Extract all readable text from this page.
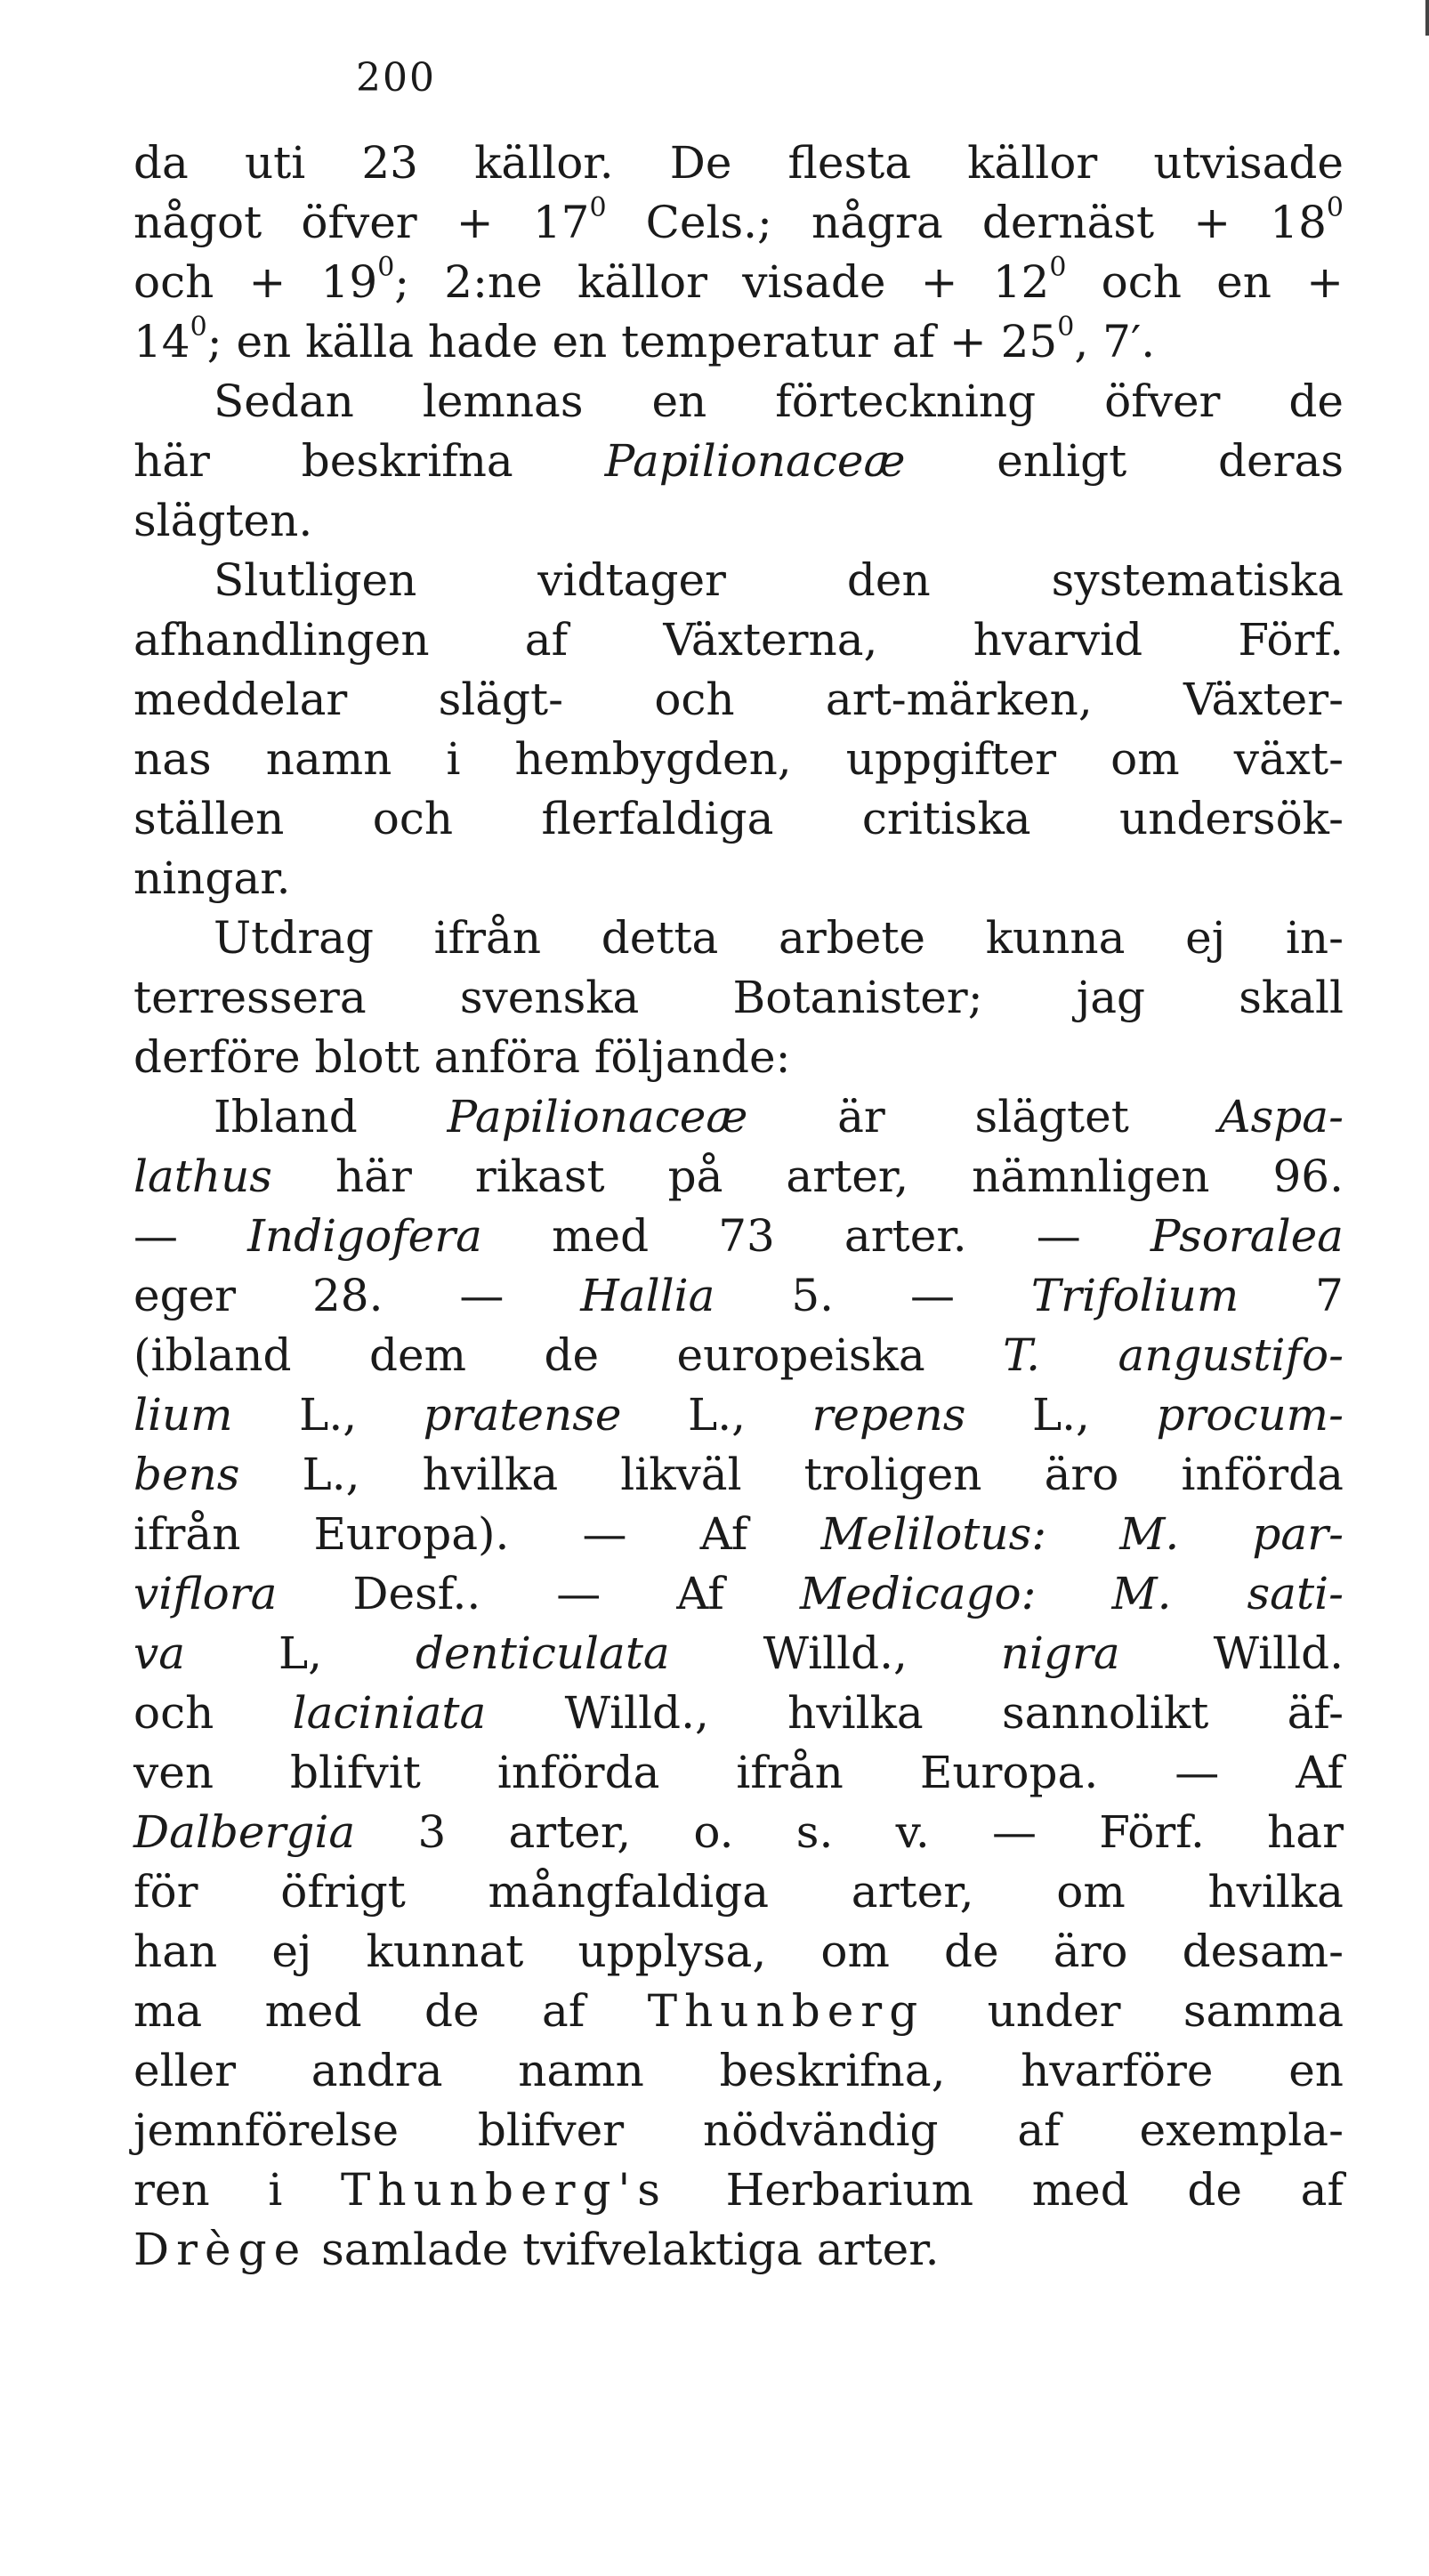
200
da uti 23 källor. De flesta källor utvisade
något öfver + $17^0$ Cels.; några dernäst + $18^0$
och + $19^0$; 2:ne källor visade + $12^0$ och en +
$14^0$; en källa hade en temperatur af + $25^0$, 7′.
Sedan lemnas en förteckning öfver de
här beskrifna Papilionaceæ enligt deras
slägten.
Slutligen vidtager den systematiska
afhandlingen af Växterna, hvarvid Förf.
meddelar slägt- och art-märken, Växter-
nas namn i hembygden, uppgifter om växt-
ställen och flerfaldiga critiska undersök-
ningar.
Utdrag ifrån detta arbete kunna ej in-
terressera svenska Botanister; jag skall
derföre blott anföra följande:
Ibland Papilionaceæ är slägtet Aspa-
lathus här rikast på arter, nämnligen 96.
— Indigofera med 73 arter. — Psoralea
eger 28. — Hallia 5. — Trifolium 7
(ibland dem de europeiska T. angustifo-
lium L., pratense L., repens L., procum-
bens L., hvilka likväl troligen äro införda
ifrån Europa). — Af Melilotus: M. par-
viflora Desf.. — Af Medicago: M. sati-
va L, denticulata Willd., nigra Willd.
och laciniata Willd., hvilka sannolikt äf-
ven blifvit införda ifrån Europa. — Af
Dalbergia 3 arter, o. s. v. — Förf. har
för öfrigt mångfaldiga arter, om hvilka
han ej kunnat upplysa, om de äro desam-
ma med de af Thunberg under samma
eller andra namn beskrifna, hvarföre en
jemnförelse blifver nödvändig af exempla-
ren i Thunberg's Herbarium med de af
Drège samlade tvifvelaktiga arter.
